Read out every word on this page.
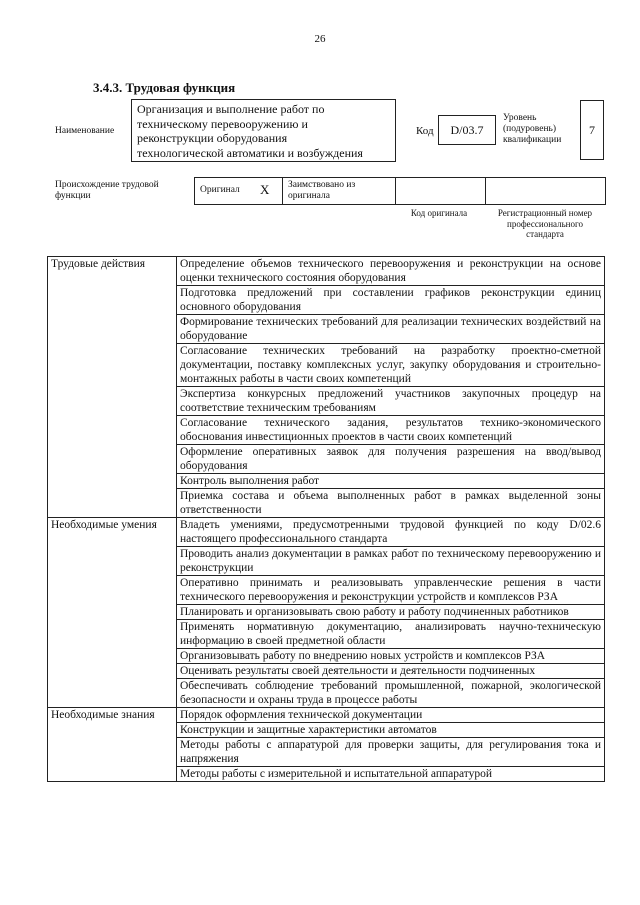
26
3.4.3. Трудовая функция
Наименование
Организация и выполнение работ по
техническому перевооружению и
реконструкции оборудования
технологической автоматики и возбуждения
Код	D/03.7
Уровень
(подуровень)
квалификации
7
Происхождение трудовой
функции
Оригинал X Заимствовано из
оригинала
Код оригинала	Регистрационный номер
профессионального
стандарта
Трудовые действия	Определение объемов технического перевооружения и реконструкции на основе оценки технического состояния оборудования
	Подготовка предложений при составлении графиков реконструкции единиц основного оборудования
	Формирование технических требований для реализации технических воздействий на оборудование
	Согласование технических требований на разработку проектно-сметной документации, поставку комплексных услуг, закупку оборудования и строительно-монтажных работы в части своих компетенций
	Экспертиза конкурсных предложений участников закупочных процедур на соответствие техническим требованиям
	Согласование технического задания, результатов технико-экономического обоснования инвестиционных проектов в части своих компетенций
	Оформление оперативных заявок для получения разрешения на ввод/вывод оборудования
	Контроль выполнения работ
	Приемка состава и объема выполненных работ в рамках выделенной зоны ответственности
Необходимые умения	Владеть умениями, предусмотренными трудовой функцией по коду D/02.6 настоящего профессионального стандарта
	Проводить анализ документации в рамках работ по техническому перевооружению и реконструкции
	Оперативно принимать и реализовывать управленческие решения в части технического перевооружения и реконструкции устройств и комплексов РЗА
	Планировать и организовывать свою работу и работу подчиненных работников
	Применять нормативную документацию, анализировать научно-техническую информацию в своей предметной области
	Организовывать работу по внедрению новых устройств и комплексов РЗА
	Оценивать результаты своей деятельности и деятельности подчиненных
	Обеспечивать соблюдение требований промышленной, пожарной, экологической безопасности и охраны труда в процессе работы
Необходимые знания	Порядок оформления технической документации
	Конструкции и защитные характеристики автоматов
	Методы работы с аппаратурой для проверки защиты, для регулирования тока и напряжения
	Методы работы с измерительной и испытательной аппаратурой
